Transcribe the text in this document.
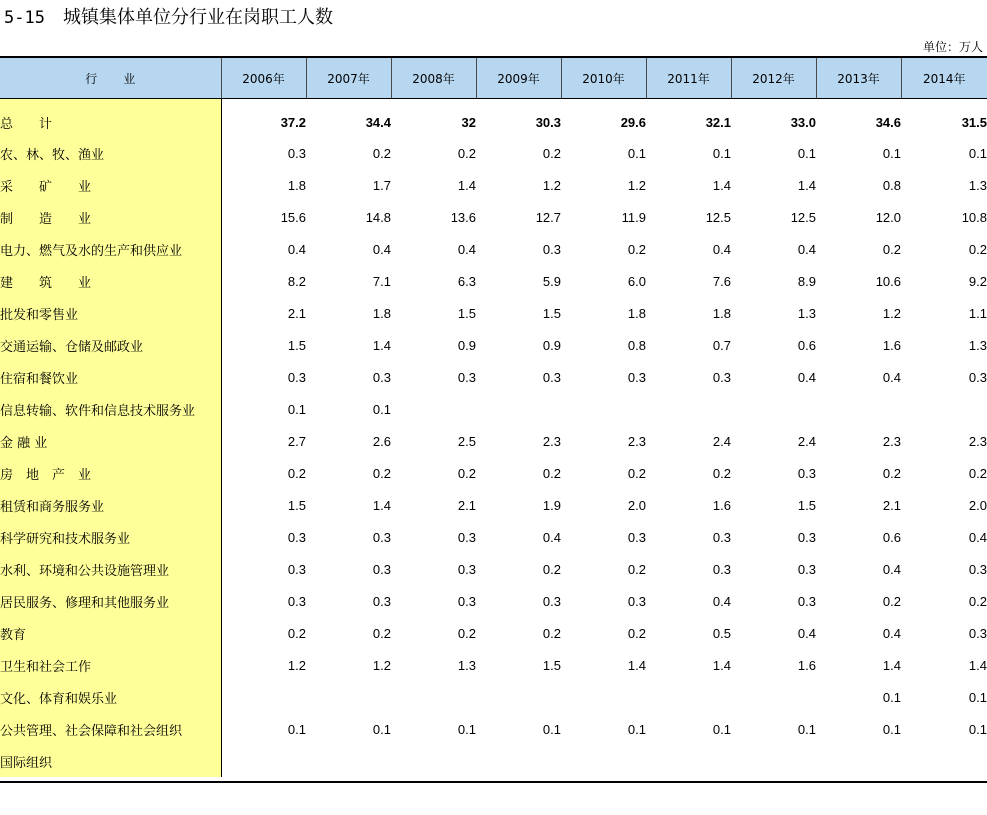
5-15 城镇集体单位分行业在岗职工人数
单位：万人
行业	2006年	2007年	2008年	2009年	2010年	2011年	2012年	2013年	2014年
总　　计	37.2	34.4	32	30.3	29.6	32.1	33.0	34.6	31.5
农、林、牧、渔业	0.3	0.2	0.2	0.2	0.1	0.1	0.1	0.1	0.1
采　　矿　　业	1.8	1.7	1.4	1.2	1.2	1.4	1.4	0.8	1.3
制　　造　　业	15.6	14.8	13.6	12.7	11.9	12.5	12.5	12.0	10.8
电力、燃气及水的生产和供应业	0.4	0.4	0.4	0.3	0.2	0.4	0.4	0.2	0.2
建　　筑　　业	8.2	7.1	6.3	5.9	6.0	7.6	8.9	10.6	9.2
批发和零售业	2.1	1.8	1.5	1.5	1.8	1.8	1.3	1.2	1.1
交通运输、仓储及邮政业	1.5	1.4	0.9	0.9	0.8	0.7	0.6	1.6	1.3
住宿和餐饮业	0.3	0.3	0.3	0.3	0.3	0.3	0.4	0.4	0.3
信息转输、软件和信息技术服务业	0.1	0.1							
金 融 业	2.7	2.6	2.5	2.3	2.3	2.4	2.4	2.3	2.3
房　地　产　业	0.2	0.2	0.2	0.2	0.2	0.2	0.3	0.2	0.2
租赁和商务服务业	1.5	1.4	2.1	1.9	2.0	1.6	1.5	2.1	2.0
科学研究和技术服务业	0.3	0.3	0.3	0.4	0.3	0.3	0.3	0.6	0.4
水利、环境和公共设施管理业	0.3	0.3	0.3	0.2	0.2	0.3	0.3	0.4	0.3
居民服务、修理和其他服务业	0.3	0.3	0.3	0.3	0.3	0.4	0.3	0.2	0.2
教育	0.2	0.2	0.2	0.2	0.2	0.5	0.4	0.4	0.3
卫生和社会工作	1.2	1.2	1.3	1.5	1.4	1.4	1.6	1.4	1.4
文化、体育和娱乐业								0.1	0.1
公共管理、社会保障和社会组织	0.1	0.1	0.1	0.1	0.1	0.1	0.1	0.1	0.1
国际组织									
